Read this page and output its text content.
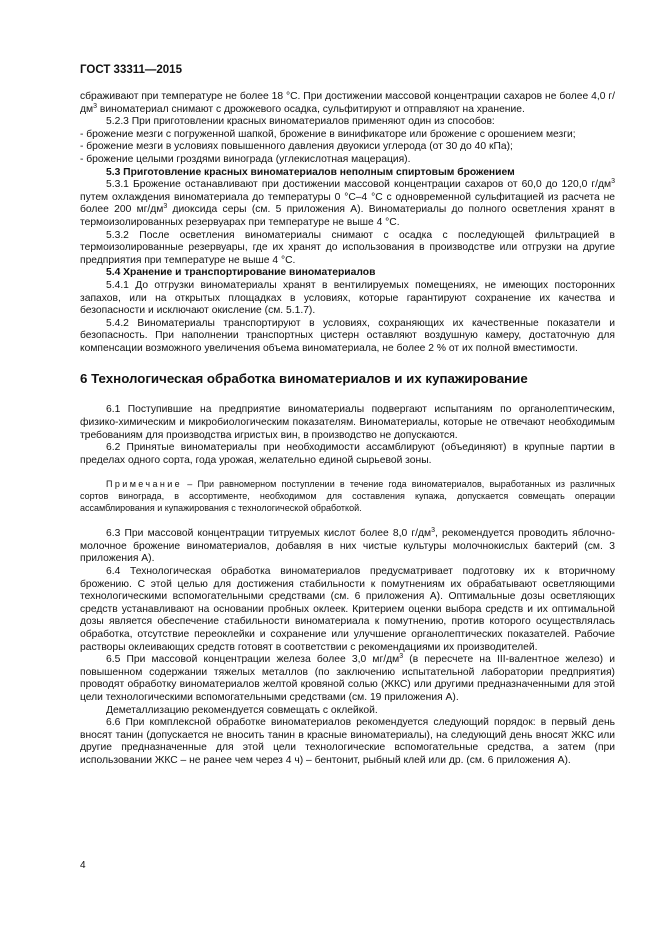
ГОСТ 33311—2015

сбраживают при температуре не более 18 °C. При достижении массовой концентрации сахаров не более 4,0 $г/дм^3$ виноматериал снимают с дрожжевого осадка, сульфитируют и отправляют на хранение.

5.2.3 При приготовлении красных виноматериалов применяют один из способов:

- брожение мезги с погруженной шапкой, брожение в винификаторе или брожение с орошением мезги;

- брожение мезги в условиях повышенного давления двуокиси углерода (от 30 до 40 кПа);

- брожение целыми гроздями винограда (углекислотная мацерация).

5.3 Приготовление красных виноматериалов неполным спиртовым брожением

5.3.1 Брожение останавливают при достижении массовой концентрации сахаров от 60,0 до 120,0 $г/дм^3$ путем охлаждения виноматериала до температуры 0 °C–4 °C с одновременной сульфитацией из расчета не более 200 $мг/дм^3$ диоксида серы (см. 5 приложения А). Виноматериалы до полного осветления хранят в термоизолированных резервуарах при температуре не выше 4 °C.

5.3.2 После осветления виноматериалы снимают с осадка с последующей фильтрацией в термоизолированные резервуары, где их хранят до использования в производстве или отгрузки на другие предприятия при температуре не выше 4 °C.

5.4 Хранение и транспортирование виноматериалов

5.4.1 До отгрузки виноматериалы хранят в вентилируемых помещениях, не имеющих посторонних запахов, или на открытых площадках в условиях, которые гарантируют сохранение их качества и безопасности и исключают окисление (см. 5.1.7).

5.4.2 Виноматериалы транспортируют в условиях, сохраняющих их качественные показатели и безопасность. При наполнении транспортных цистерн оставляют воздушную камеру, достаточную для компенсации возможного увеличения объема виноматериала, не более 2 % от их полной вместимости.

6 Технологическая обработка виноматериалов и их купажирование

6.1 Поступившие на предприятие виноматериалы подвергают испытаниям по органолептическим, физико-химическим и микробиологическим показателям. Виноматериалы, которые не отвечают необходимым требованиям для производства игристых вин, в производство не допускаются.

6.2 Принятые виноматериалы при необходимости ассамблируют (объединяют) в крупные партии в пределах одного сорта, года урожая, желательно единой сырьевой зоны.

Примечание – При равномерном поступлении в течение года виноматериалов, выработанных из различных сортов винограда, в ассортименте, необходимом для составления купажа, допускается совмещать операции ассамблирования и купажирования с технологической обработкой.

6.3 При массовой концентрации титруемых кислот более 8,0 $г/дм^3$, рекомендуется проводить яблочно-молочное брожение виноматериалов, добавляя в них чистые культуры молочнокислых бактерий (см. 3 приложения А).

6.4 Технологическая обработка виноматериалов предусматривает подготовку их к вторичному брожению. С этой целью для достижения стабильности к помутнениям их обрабатывают осветляющими технологическими вспомогательными средствами (см. 6 приложения А). Оптимальные дозы осветляющих средств устанавливают на основании пробных оклеек. Критерием оценки выбора средств и их оптимальной дозы является обеспечение стабильности виноматериала к помутнению, против которого осуществлялась обработка, отсутствие переоклейки и сохранение или улучшение органолептических показателей. Рабочие растворы оклеивающих средств готовят в соответствии с рекомендациями их производителей.

6.5 При массовой концентрации железа более 3,0 $мг/дм^3$ (в пересчете на III-валентное железо) и повышенном содержании тяжелых металлов (по заключению испытательной лаборатории предприятия) проводят обработку виноматериалов желтой кровяной солью (ЖКС) или другими предназначенными для этой цели технологическими вспомогательными средствами (см. 19 приложения А).

Деметаллизацию рекомендуется совмещать с оклейкой.

6.6 При комплексной обработке виноматериалов рекомендуется следующий порядок: в первый день вносят танин (допускается не вносить танин в красные виноматериалы), на следующий день вносят ЖКС или другие предназначенные для этой цели технологические вспомогательные средства, а затем (при использовании ЖКС – не ранее чем через 4 ч) – бентонит, рыбный клей или др. (см. 6 приложения А).

4
